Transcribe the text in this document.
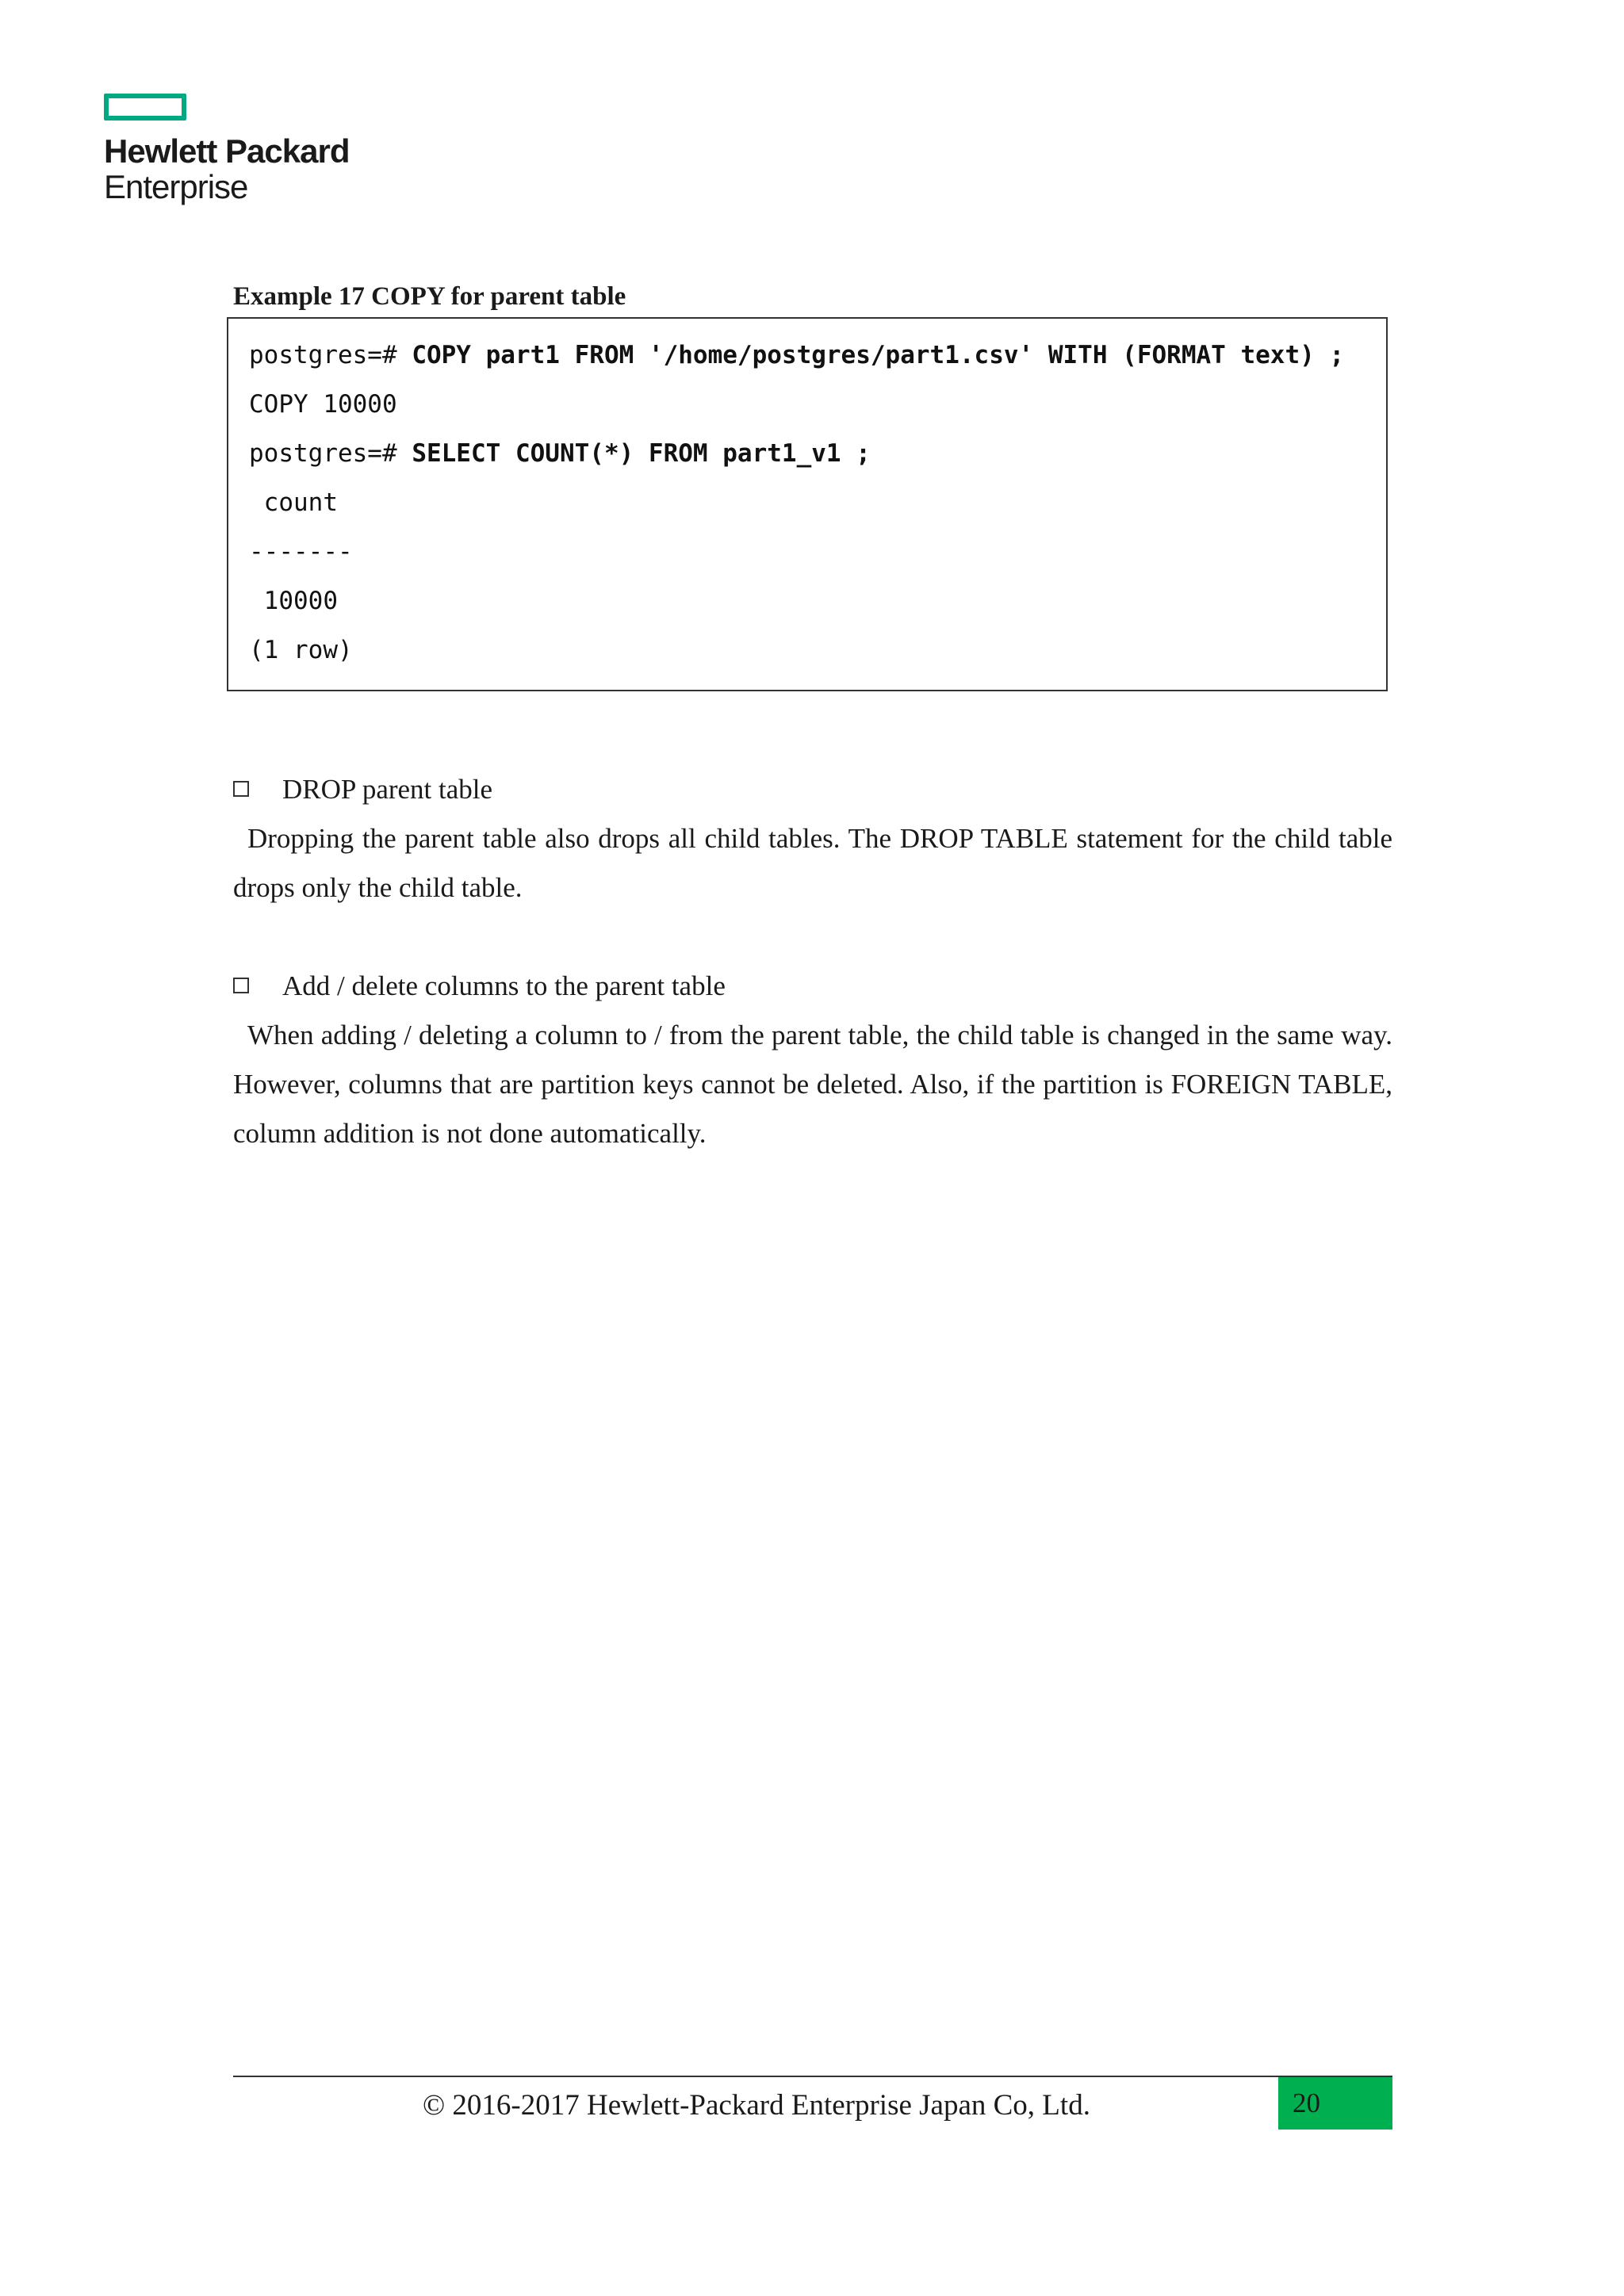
Hewlett Packard
Enterprise
Example 17 COPY for parent table
postgres=# COPY part1 FROM '/home/postgres/part1.csv' WITH (FORMAT text) ;
COPY 10000
postgres=# SELECT COUNT(*) FROM part1_v1 ;
count
-------
10000
(1 row)
DROP parent table
Dropping the parent table also drops all child tables. The DROP TABLE statement for the child table drops only the child table.
Add / delete columns to the parent table
When adding / deleting a column to / from the parent table, the child table is changed in the same way. However, columns that are partition keys cannot be deleted. Also, if the partition is FOREIGN TABLE, column addition is not done automatically.
© 2016-2017 Hewlett-Packard Enterprise Japan Co, Ltd.	20
